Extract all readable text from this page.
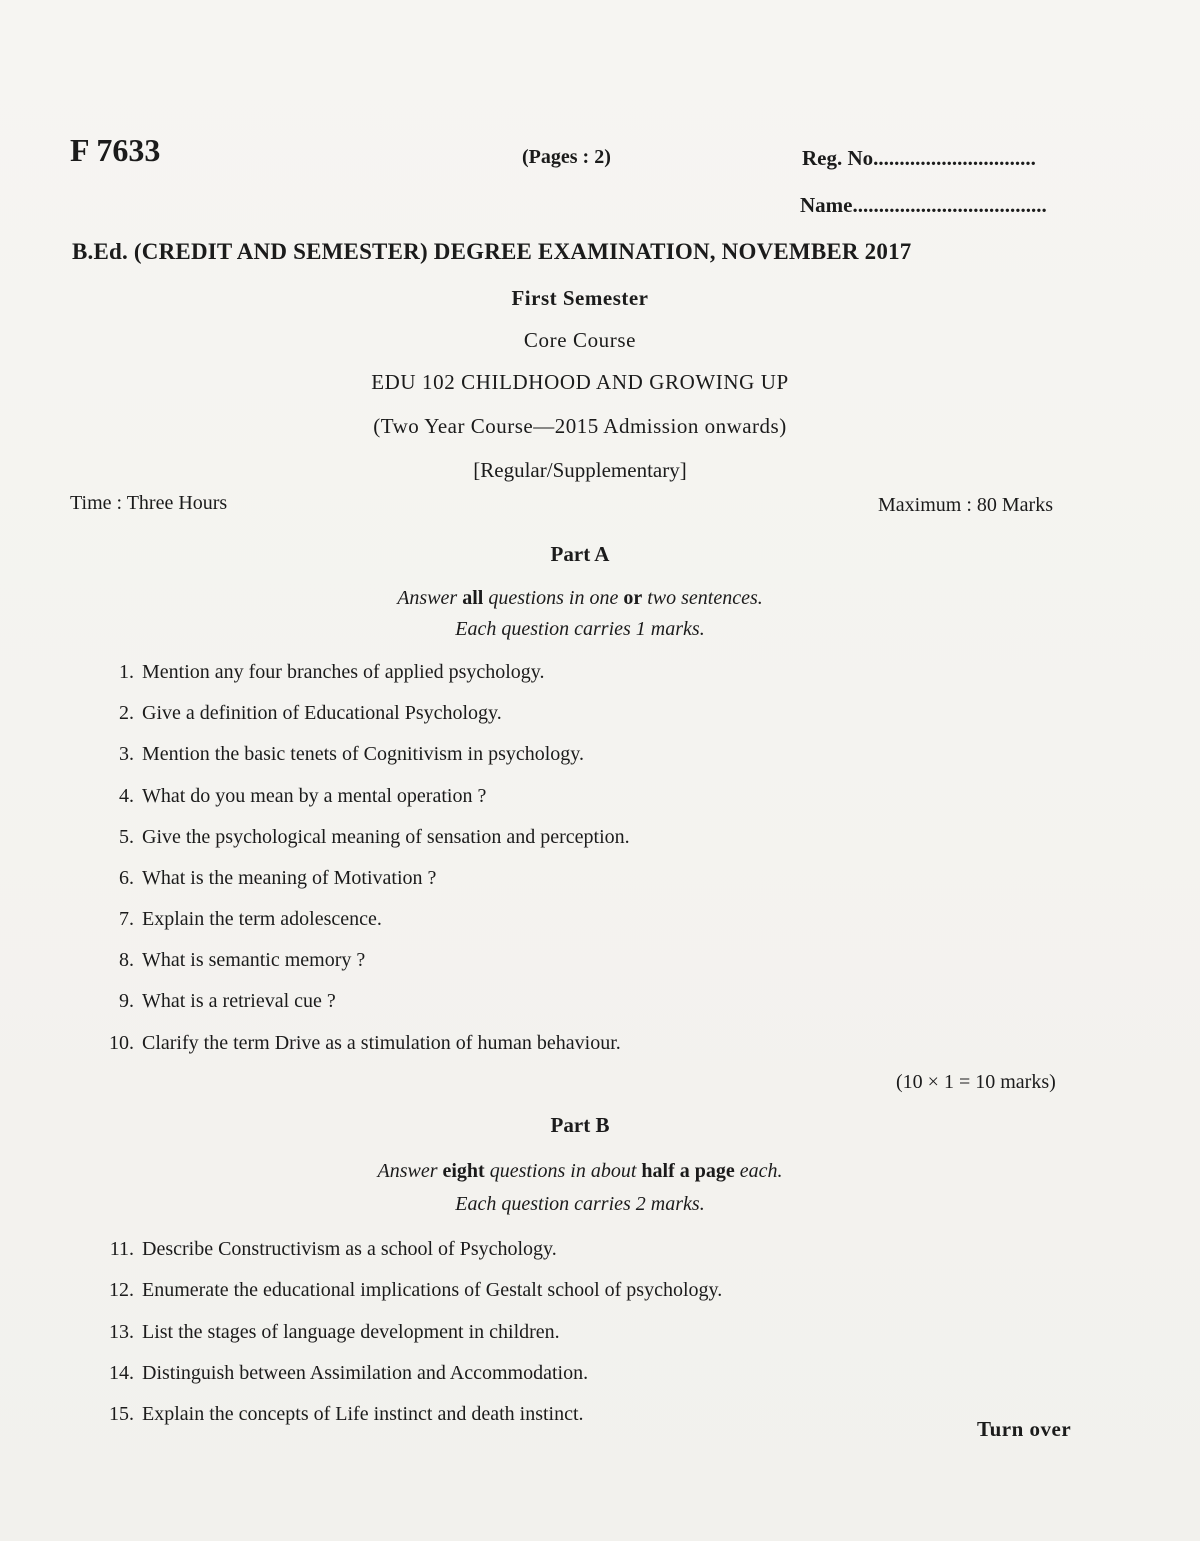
F 7633	(Pages : 2)	Reg. No...............................
Name.....................................
B.Ed. (CREDIT AND SEMESTER) DEGREE EXAMINATION, NOVEMBER 2017
First Semester
Core Course
EDU 102 CHILDHOOD AND GROWING UP
(Two Year Course—2015 Admission onwards)
[Regular/Supplementary]
Time : Three Hours	Maximum : 80 Marks
Part A
Answer all questions in one or two sentences.
Each question carries 1 marks.
1. Mention any four branches of applied psychology.
2. Give a definition of Educational Psychology.
3. Mention the basic tenets of Cognitivism in psychology.
4. What do you mean by a mental operation ?
5. Give the psychological meaning of sensation and perception.
6. What is the meaning of Motivation ?
7. Explain the term adolescence.
8. What is semantic memory ?
9. What is a retrieval cue ?
10. Clarify the term Drive as a stimulation of human behaviour.
(10 × 1 = 10 marks)
Part B
Answer eight questions in about half a page each.
Each question carries 2 marks.
11. Describe Constructivism as a school of Psychology.
12. Enumerate the educational implications of Gestalt school of psychology.
13. List the stages of language development in children.
14. Distinguish between Assimilation and Accommodation.
15. Explain the concepts of Life instinct and death instinct.
Turn over
